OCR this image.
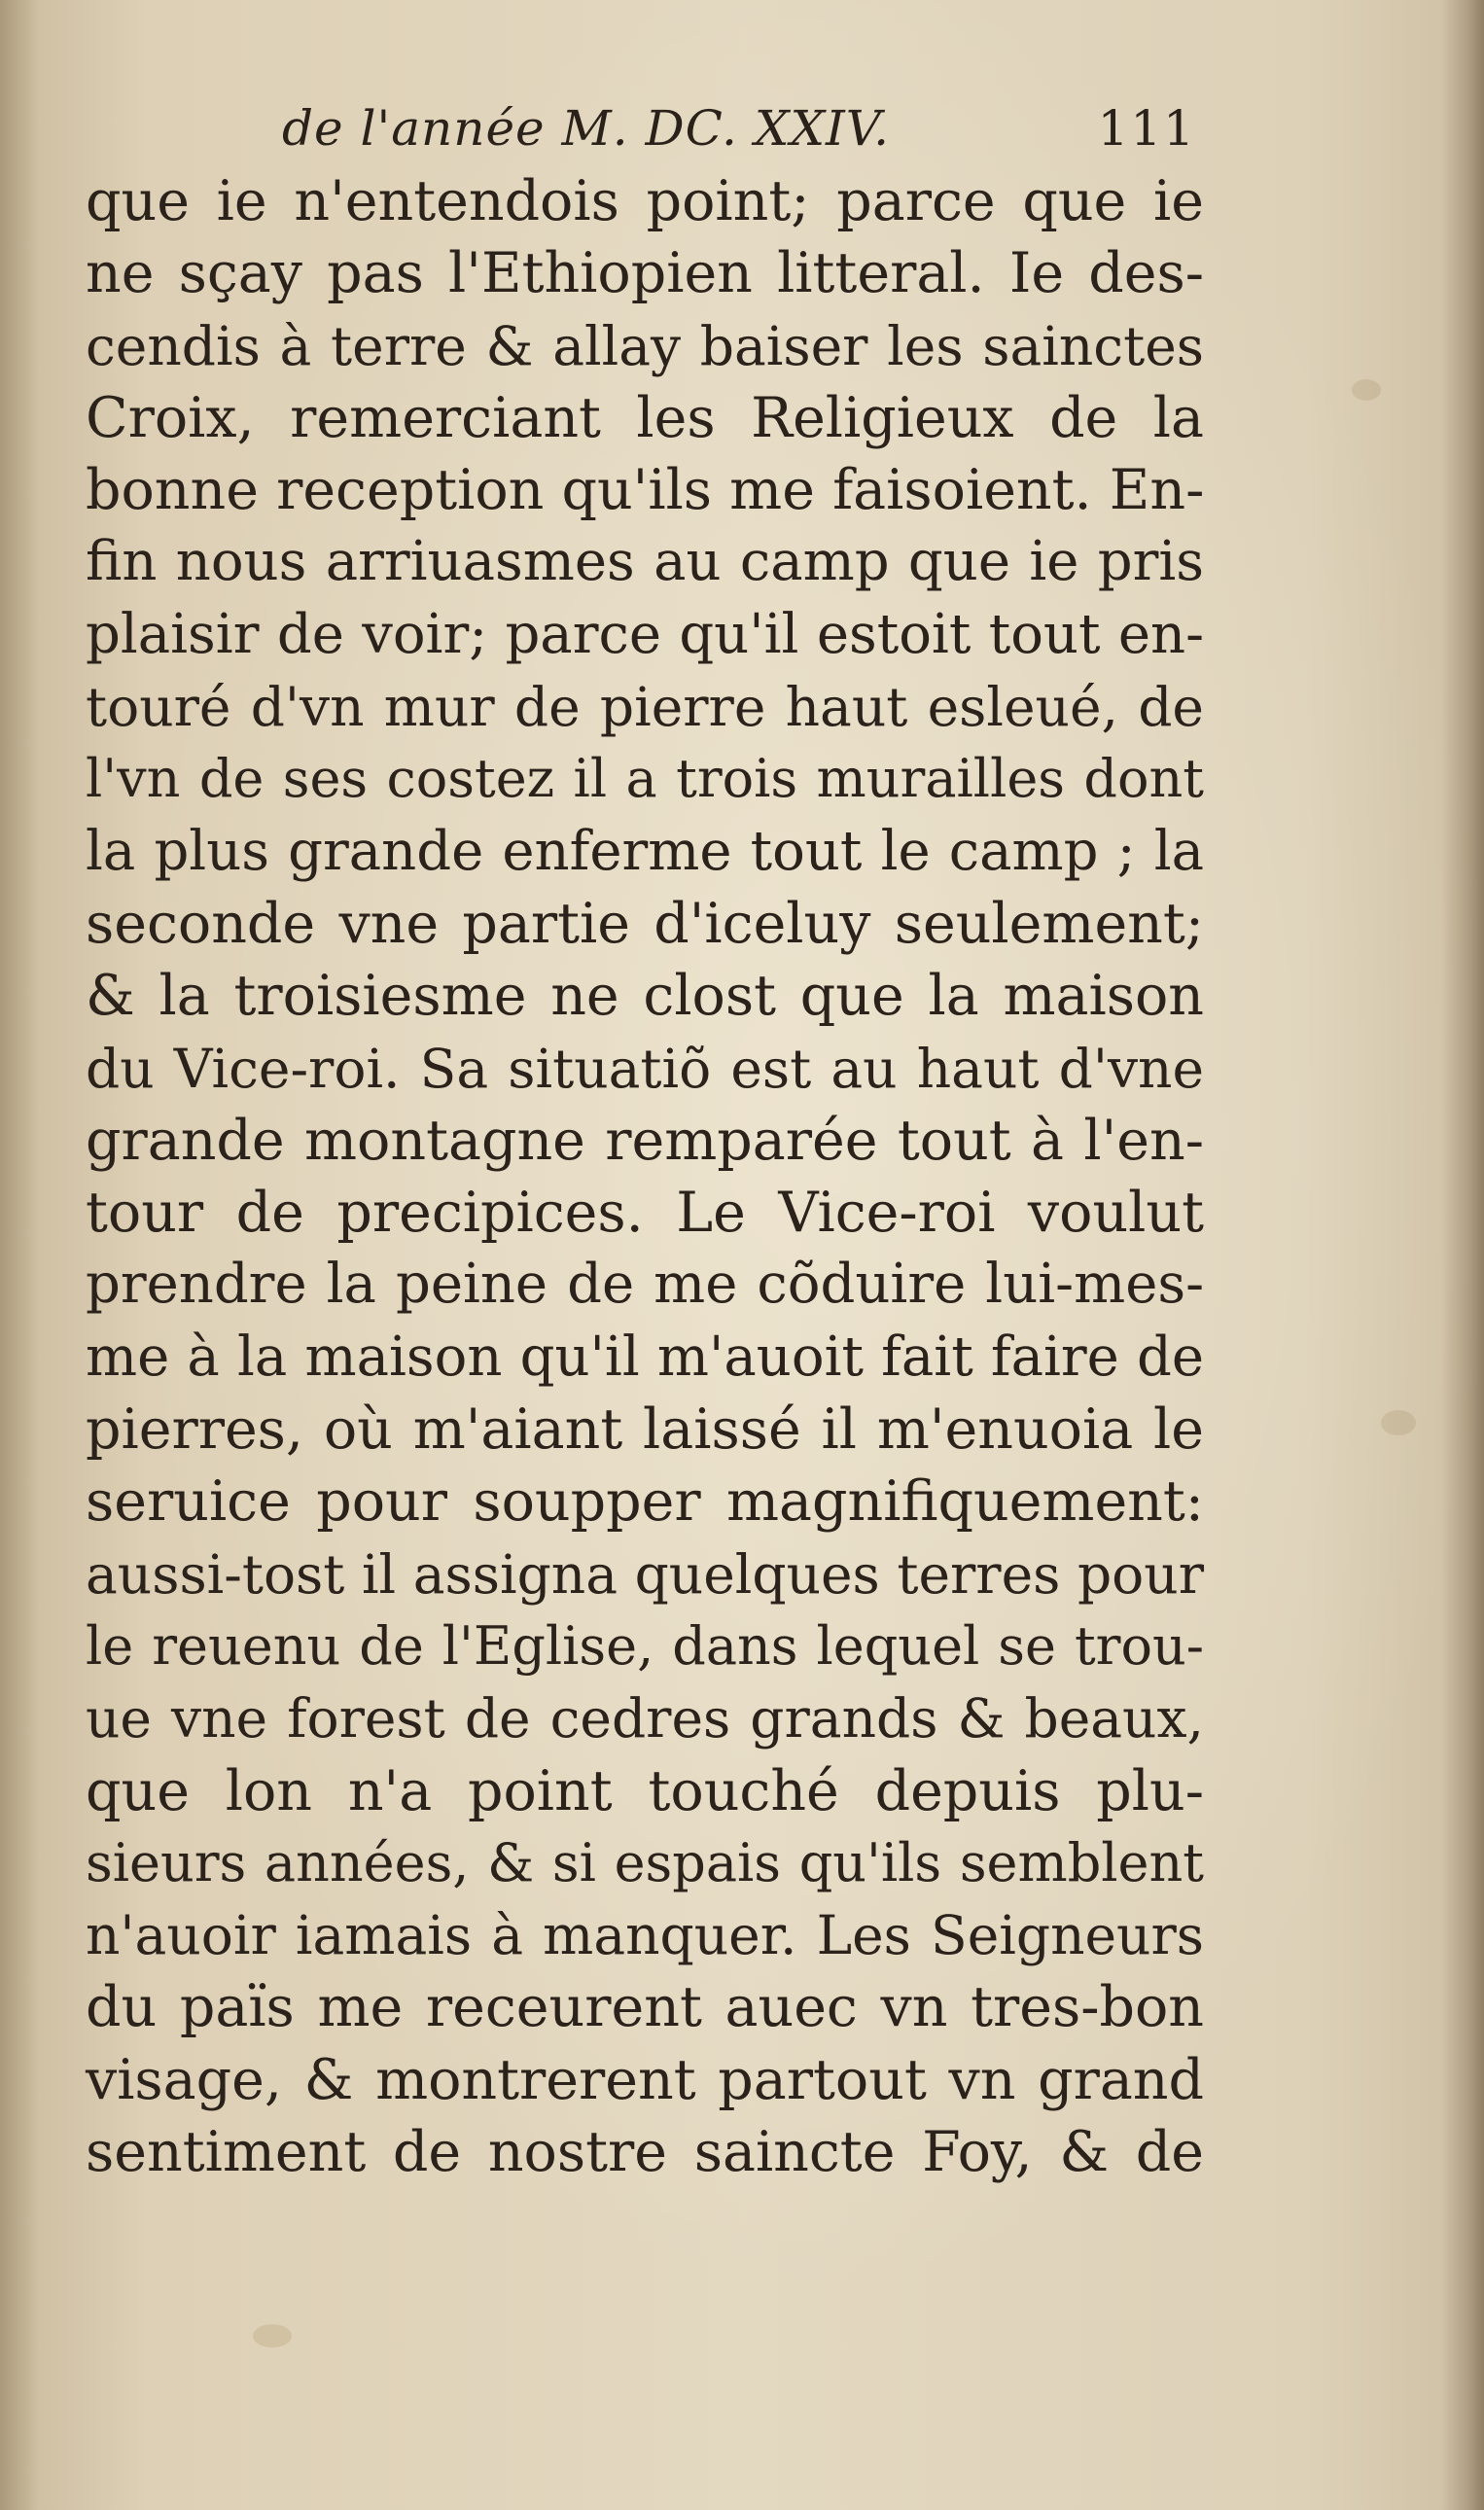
de l'année M. DC. XXIV.	111
que ie n'entendois point; parce que ie
ne sçay pas l'Ethiopien litteral. Ie des-
cendis à terre & allay baiser les sainctes
Croix, remerciant les Religieux de la
bonne reception qu'ils me faisoient. En-
fin nous arriuasmes au camp que ie pris
plaisir de voir; parce qu'il estoit tout en-
touré d'vn mur de pierre haut esleué, de
l'vn de ses costez il a trois murailles dont
la plus grande enferme tout le camp ; la
seconde vne partie d'iceluy seulement;
& la troisiesme ne clost que la maison
du Vice-roi. Sa situatiõ est au haut d'vne
grande montagne remparée tout à l'en-
tour de precipices. Le Vice-roi voulut
prendre la peine de me cõduire lui-mes-
me à la maison qu'il m'auoit fait faire de
pierres, où m'aiant laissé il m'enuoia le
seruice pour soupper magnifiquement:
aussi-tost il assigna quelques terres pour
le reuenu de l'Eglise, dans lequel se trou-
ue vne forest de cedres grands & beaux,
que lon n'a point touché depuis plu-
sieurs années, & si espais qu'ils semblent
n'auoir iamais à manquer. Les Seigneurs
du païs me receurent auec vn tres-bon
visage, & montrerent partout vn grand
sentiment de nostre saincte Foy, & de
